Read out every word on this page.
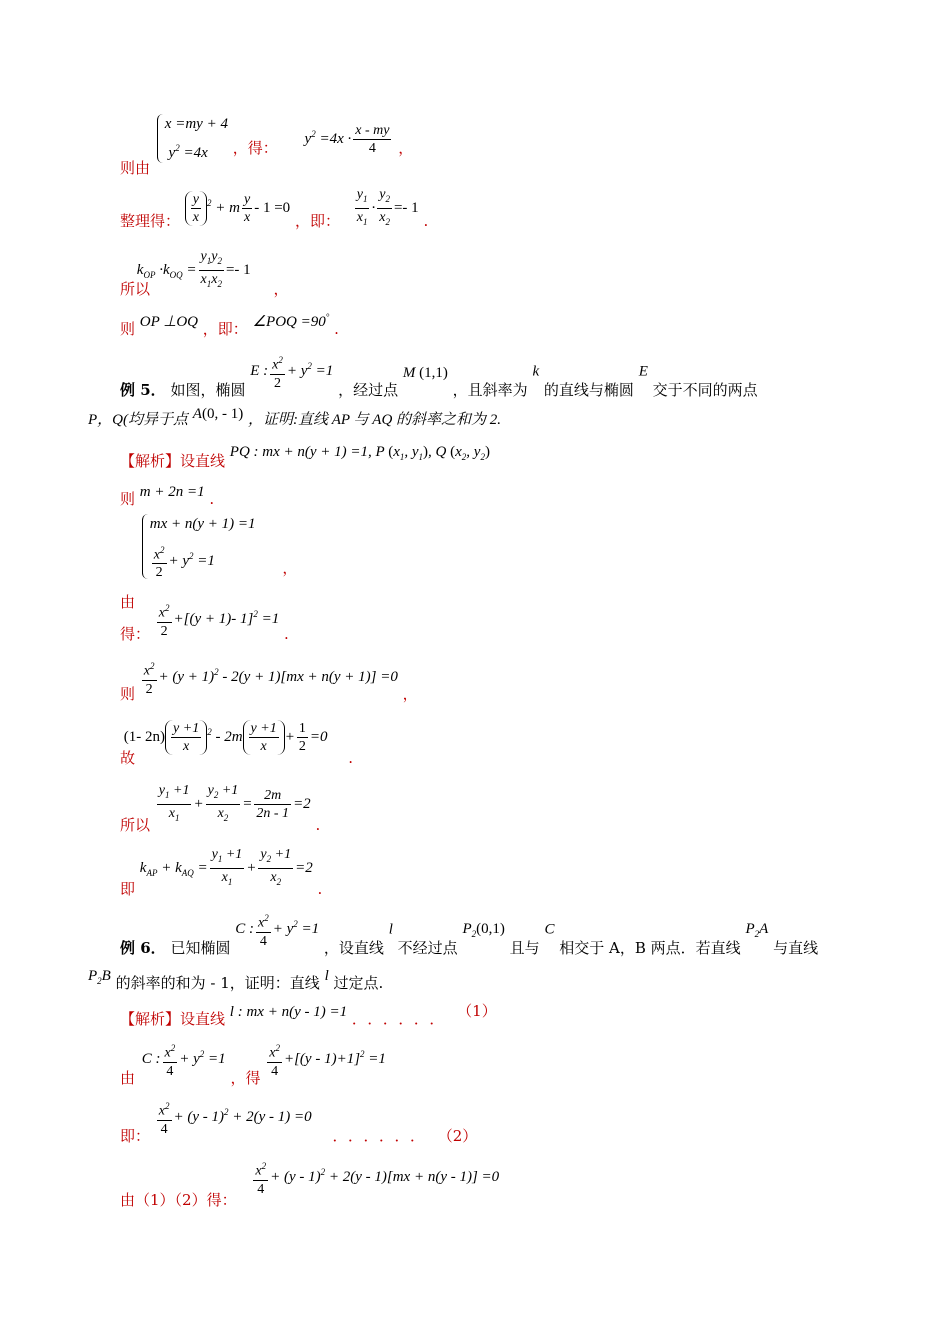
则由
x =my + 4
$y^2 =4x$	，得： $y^2 =4x \cdot \frac{x - my}{4}$ ，
整理得： $\frac{y}{x} ^2 + m \frac{y}{x} - 1 =0$ ，即： $\frac{y_1}{x_1} \cdot \frac{y_2}{x_2} =- 1$ .
所以 $k_{OP} \cdot k_{OQ} = \frac{y_1y_2}{x_1x_2} =- 1$ ，
则 OP ⊥OQ ，即： ∠POQ =90° .
例 5． 如图，椭圆 E : $\frac{x^2}{2} + y^2 =1$ ，经过点 M (1,1) ，且斜率为 k 的直线与椭圆 E 交于不同的两点
P，Q(均异于点 A(0, - 1) ，证明:直线 AP 与 AQ 的斜率之和为 2.
【解析】设直线 PQ : mx + n(y + 1) =1, P ($x_1$, $y_1$), Q ($x_2$, $y_2$)
则 m + 2n =1 .
由
mx + n(y + 1) =1
$\frac{x^2}{2} + y^2 =1$	，
得： $\frac{x^2}{2} +[(y + 1)-$ 1]$^2$ =1 .
则 $\frac{x^2}{2} + (y + 1)^2 - 2(y + 1)[mx + n(y + 1)] =0$ ，
故 (1- $2n) \frac{y +1}{x} ^2 - 2m \frac{y +1}{x} + \frac{1}{2} =0$ .
所以 $\frac{y_1 +1}{x_1} + \frac{y_2 +1}{x_2} = \frac{2m}{2n - 1} =2$ .
即 $k_{AP} + k_{AQ} = \frac{y_1 +1}{x_1} + \frac{y_2 +1}{x_2} =2$ .
例 6． 已知椭圆 C : $\frac{x^2}{4} + y^2 =1$ ，设直线 l 不经过点 $P_2(0,1)$ 且与 C 相交于 A，B 两点．若直线 $P_2A$ 与直线
$P_2B$ 的斜率的和为 - 1，证明：直线 l 过定点.
【解析】设直线 l : mx + n(y - 1) =1 ．．．．．． （1）
由 C : $\frac{x^2}{4} + y^2 =1$ ，得 $\frac{x^2}{4} +[(y - 1)+1]^2 =1$
即： $\frac{x^2}{4} + (y - 1)^2 + 2(y - 1) =0$ ．．．．．． （2）
由（1）（2）得：
$\frac{x^2}{4} + (y - 1)^2 + 2(y - 1)[mx + n(y - 1)] =0$
